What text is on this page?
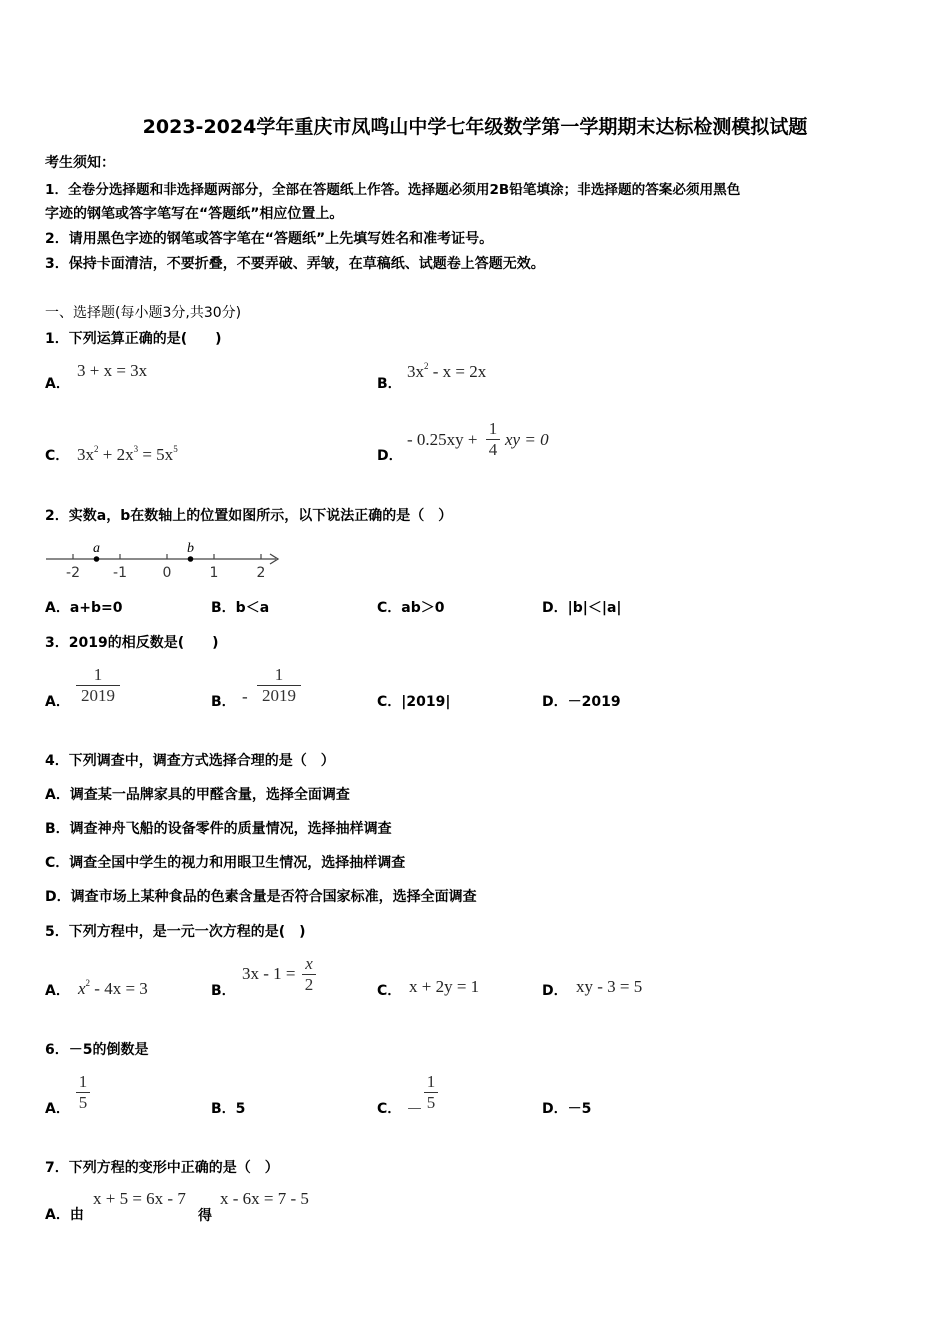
2023-2024学年重庆市凤鸣山中学七年级数学第一学期期末达标检测模拟试题
考生须知：
1．全卷分选择题和非选择题两部分，全部在答题纸上作答。选择题必须用2B铅笔填涂；非选择题的答案必须用黑色
字迹的钢笔或答字笔写在“答题纸”相应位置上。
2．请用黑色字迹的钢笔或答字笔在“答题纸”上先填写姓名和准考证号。
3．保持卡面清洁，不要折叠，不要弄破、弄皱，在草稿纸、试题卷上答题无效。
一、选择题(每小题3分,共30分)
1．下列运算正确的是(　　)
A．
3 + x = 3x
B．
$3x^2 - x = 2x$
C． $3x^2 + 2x^3 = 5x^5$	D．
- 0.25xy +
1
4
xy = 0
2．实数a，b在数轴上的位置如图所示，以下说法正确的是（　）
-2 -1	0	1	2
a	b
A．a+b=0	B．b＜a	C．ab＞0	D．|b|＜|a|
3．2019的相反数是(　　)
A．
1
2019	B． -
1
2019	C．|2019|	D．－2019
4．下列调查中，调查方式选择合理的是（　）
A．调查某一品牌家具的甲醛含量，选择全面调查
B．调查神舟飞船的设备零件的质量情况，选择抽样调查
C．调查全国中学生的视力和用眼卫生情况，选择抽样调查
D．调查市场上某种食品的色素含量是否符合国家标准，选择全面调查
5．下列方程中，是一元一次方程的是(　)
A． $x^2 - 4x = 3$	B．
3x - 1 =
x
2	C． x + 2y = 1	D． xy - 3 = 5
6．－5的倒数是
A．
1
5	B．5	C． －
1
5	D．－5
7．下列方程的变形中正确的是（　）
A．由
x + 5 = 6x - 7
得
x - 6x = 7 - 5
